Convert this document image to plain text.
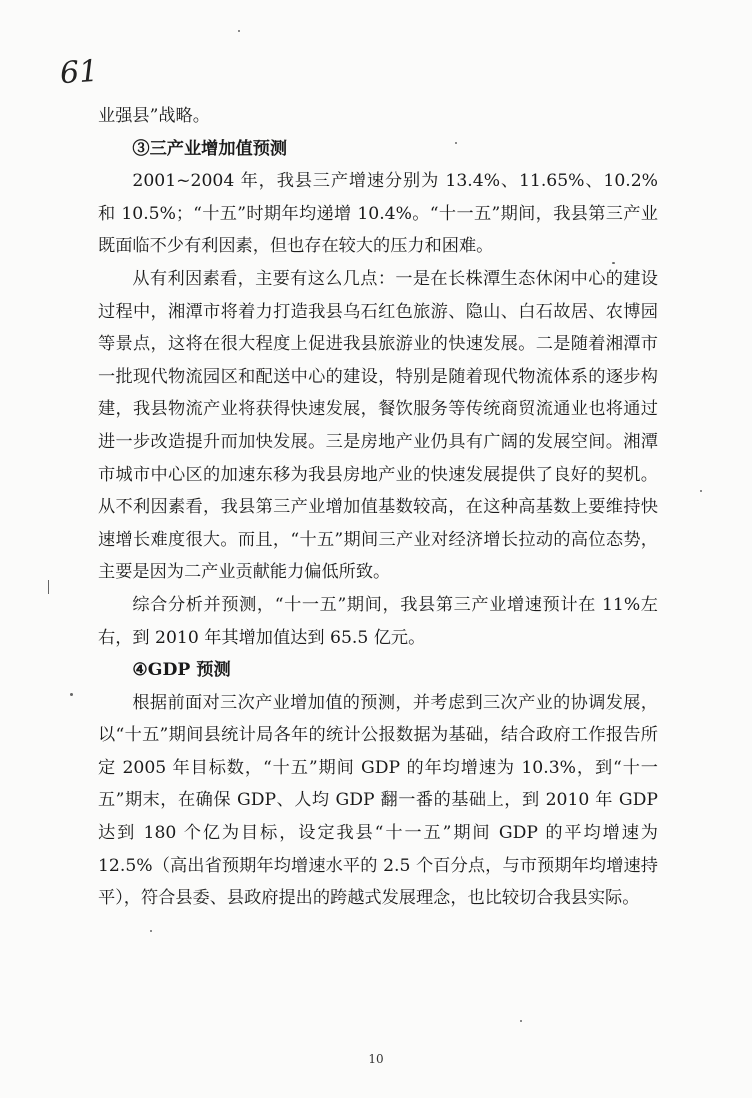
61

业强县”战略。

③三产业增加值预测

2001~2004 年，我县三产增速分别为 13.4%、11.65%、10.2%和 10.5%；“十五”时期年均递增 10.4%。“十一五”期间，我县第三产业既面临不少有利因素，但也存在较大的压力和困难。

从有利因素看，主要有这么几点：一是在长株潭生态休闲中心的建设过程中，湘潭市将着力打造我县乌石红色旅游、隐山、白石故居、农博园等景点，这将在很大程度上促进我县旅游业的快速发展。二是随着湘潭市一批现代物流园区和配送中心的建设，特别是随着现代物流体系的逐步构建，我县物流产业将获得快速发展，餐饮服务等传统商贸流通业也将通过进一步改造提升而加快发展。三是房地产业仍具有广阔的发展空间。湘潭市城市中心区的加速东移为我县房地产业的快速发展提供了良好的契机。从不利因素看，我县第三产业增加值基数较高，在这种高基数上要维持快速增长难度很大。而且，“十五”期间三产业对经济增长拉动的高位态势，主要是因为二产业贡献能力偏低所致。

综合分析并预测，“十一五”期间，我县第三产业增速预计在 11%左右，到 2010 年其增加值达到 65.5 亿元。

④GDP 预测

根据前面对三次产业增加值的预测，并考虑到三次产业的协调发展，以“十五”期间县统计局各年的统计公报数据为基础，结合政府工作报告所定 2005 年目标数，“十五”期间 GDP 的年均增速为 10.3%，到“十一五”期末，在确保 GDP、人均 GDP 翻一番的基础上，到 2010 年 GDP 达到 180 个亿为目标，设定我县“十一五”期间 GDP 的平均增速为 12.5%（高出省预期年均增速水平的 2.5 个百分点，与市预期年均增速持平），符合县委、县政府提出的跨越式发展理念，也比较切合我县实际。

10
